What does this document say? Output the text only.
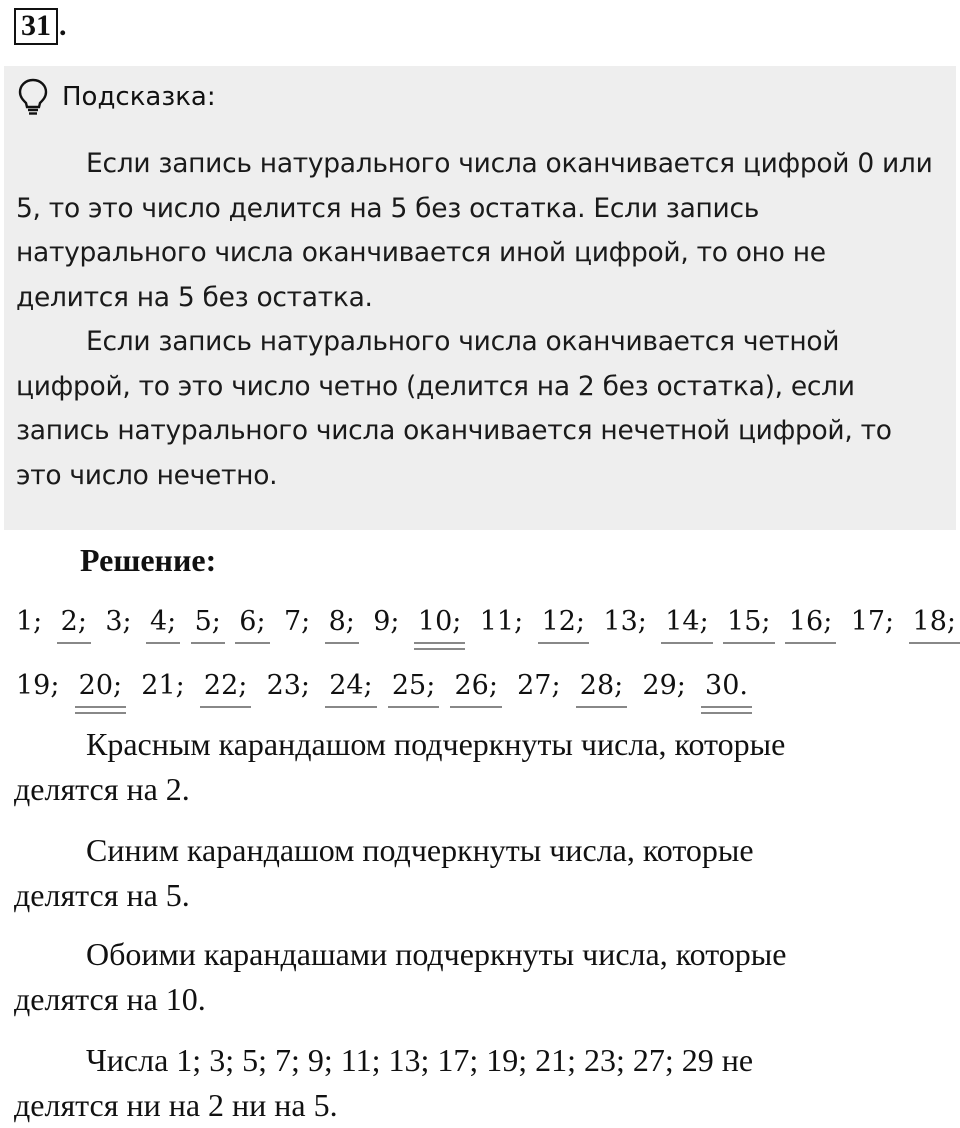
31 .
Подсказка:

Если запись натурального числа оканчивается цифрой 0 или 5, то это число делится на 5 без остатка. Если запись натурального числа оканчивается иной цифрой, то оно не делится на 5 без остатка.

Если запись натурального числа оканчивается четной цифрой, то это число четно (делится на 2 без остатка), если запись натурального числа оканчивается нечетной цифрой, то это число нечетно.

Решение:
1; 2; 3; 4; 5; 6; 7; 8; 9; 10; 11; 12; 13; 14; 15; 16; 17; 18;
19; 20; 21; 22; 23; 24; 25; 26; 27; 28; 29; 30.
Красным карандашом подчеркнуты числа, которые
делятся на 2.
Синим карандашом подчеркнуты числа, которые
делятся на 5.
Обоими карандашами подчеркнуты числа, которые
делятся на 10.
Числа 1; 3; 5; 7; 9; 11; 13; 17; 19; 21; 23; 27; 29 не
делятся ни на 2 ни на 5.
